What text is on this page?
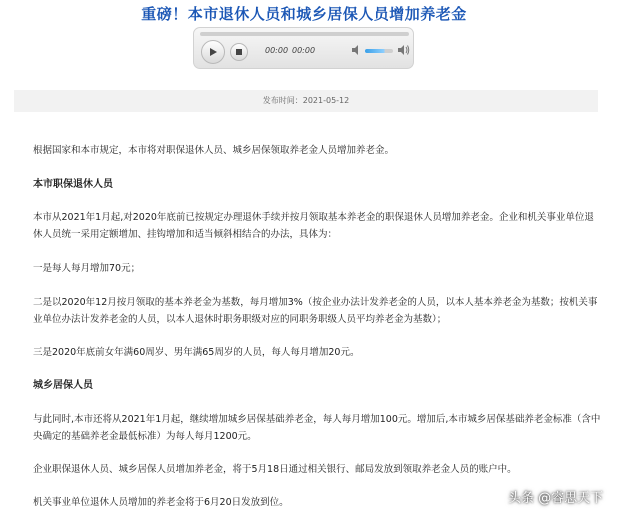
重磅！本市退休人员和城乡居保人员增加养老金
00:00 00:00
发布时间：2021-05-12
根据国家和本市规定，本市将对职保退休人员、城乡居保领取养老金人员增加养老金。
本市职保退休人员
本市从2021年1月起,对2020年底前已按规定办理退休手续并按月领取基本养老金的职保退休人员增加养老金。企业和机关事业单位退
休人员统一采用定额增加、挂钩增加和适当倾斜相结合的办法，具体为：
一是每人每月增加70元；
二是以2020年12月按月领取的基本养老金为基数，每月增加3%（按企业办法计发养老金的人员，以本人基本养老金为基数；按机关事
业单位办法计发养老金的人员，以本人退休时职务职级对应的同职务职级人员平均养老金为基数）；
三是2020年底前女年满60周岁、男年满65周岁的人员，每人每月增加20元。
城乡居保人员
与此同时,本市还将从2021年1月起，继续增加城乡居保基础养老金，每人每月增加100元。增加后,本市城乡居保基础养老金标准（含中
央确定的基础养老金最低标准）为每人每月1200元。
企业职保退休人员、城乡居保人员增加养老金，将于5月18日通过相关银行、邮局发放到领取养老金人员的账户中。
机关事业单位退休人员增加的养老金将于6月20日发放到位。	头条 @睿思天下
